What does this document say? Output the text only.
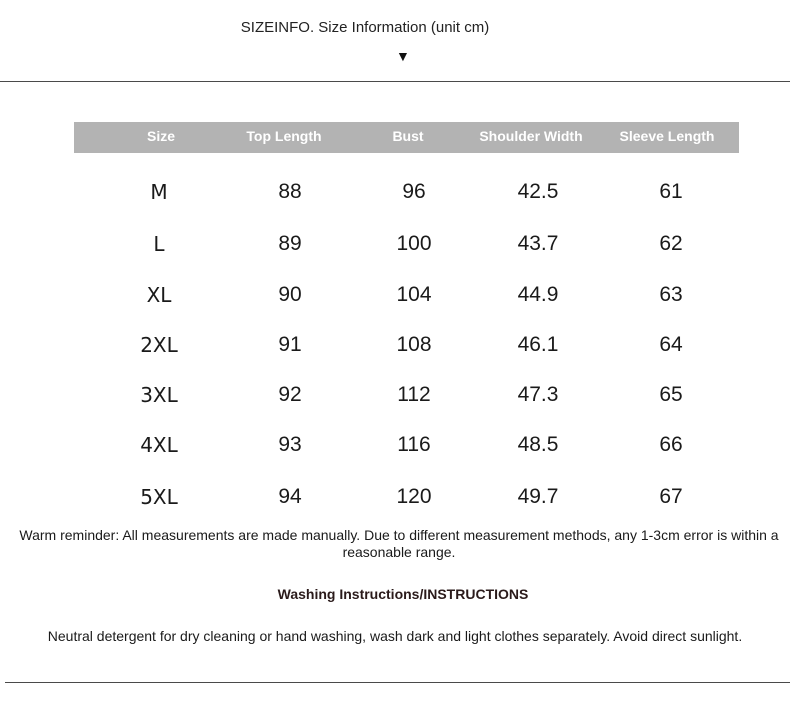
SIZEINFO. Size Information (unit cm)
▼
Size	Top Length	Bust	Shoulder Width	Sleeve Length
M	88	96	42.5	61
L	89	100	43.7	62
XL	90	104	44.9	63
2XL	91	108	46.1	64
3XL	92	112	47.3	65
4XL	93	116	48.5	66
5XL	94	120	49.7	67
Warm reminder: All measurements are made manually. Due to different measurement methods, any 1-3cm error is within a reasonable range.
Washing Instructions/INSTRUCTIONS
Neutral detergent for dry cleaning or hand washing, wash dark and light clothes separately. Avoid direct sunlight.
